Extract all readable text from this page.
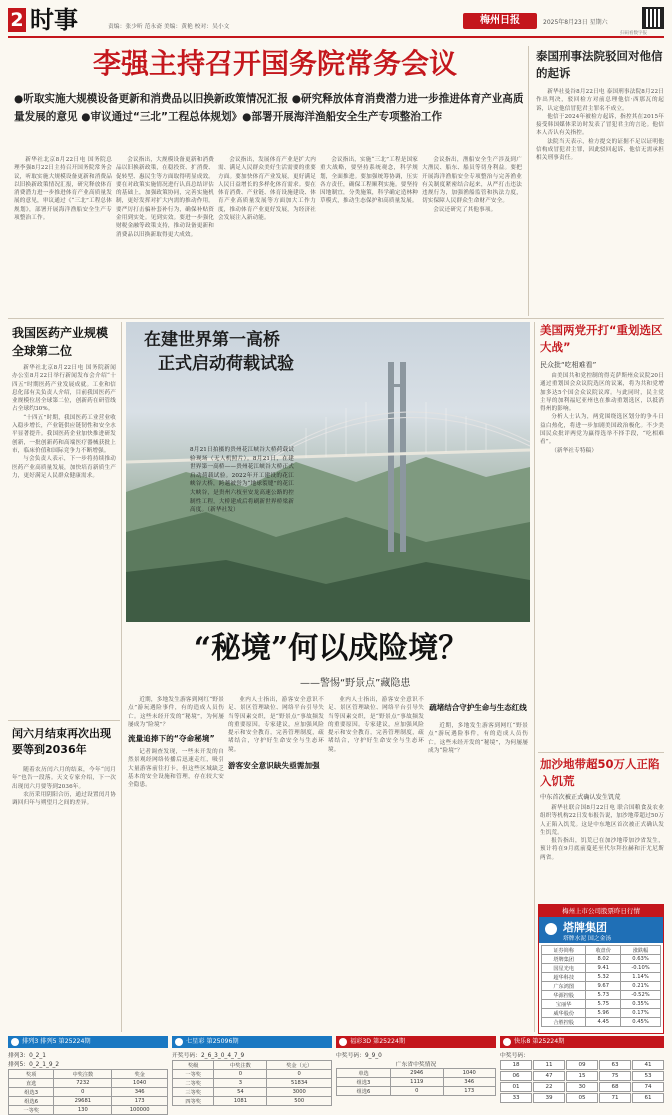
2 时事	责编：张少昕 范永斋 美编：黄艳 校对：吴小文
梅州日报	2025年8月23日 星期六
扫码看数字报
李强主持召开国务院常务会议
●听取实施大规模设备更新和消费品以旧换新政策情况汇报 ●研究释放体育消费潜力进一步推进体育产业高质量发展的意见 ●审议通过“三北”工程总体规划》●部署开展海洋渔船安全生产专项整治工作

新华社北京8月22日电 国务院总理李强8月22日主持召开国务院常务会议，听取实施大规模设备更新和消费品以旧换新政策情况汇报，研究释放体育消费潜力进一步推进体育产业高质量发展的意见，审议通过《“三北”工程总体规划》，部署开展海洋渔船安全生产专项整治工作。

会议指出，大规模设备更新和消费品以旧换新政策，在稳投资、扩消费、促转型、惠民生等方面取得明显成效。要在对政策实施情况进行认真总结评估的基础上，加强政策协同，完善实施机制，更好发挥对扩大内需的推动作用。要严厉打击骗补套补行为，确保补贴资金用到实处。见到实效。要进一步强化财税金融等政策支持，推动设备更新和消费品以旧换新取得更大成效。

会议指出，发展体育产业是扩大内需、满足人民群众美好生活需要的重要方面。要加快体育产业发展，更好满足人民日益增长的多样化体育需求。要在体育消费、产业链、体育设施建设、体育产业高质量发展等方面加大工作力度，推动体育产业更好发展，为经济社会发展注入新动能。

会议指出，实施“三北”工程是国家重大战略，要坚持系统观念，科学规划，全面推进。要加强统筹协调，压实各方责任，确保工程顺利实施。要坚持因地制宜，分类施策，科学确定造林种草模式，推动生态保护和高质量发展。

会议指出，渔船安全生产涉及到广大渔民、船东、船员等切身利益。要把开展海洋渔船安全专项整治与完善渔业有关制度紧密结合起来，从严打击违法违规行为，加强渔船监管和执法力度，切实保障人民群众生命财产安全。

会议还研究了其他事项。

泰国刑事法院驳回对他信的起诉

新华社曼谷8月22日电 泰国刑事法院8月22日作出判决，驳回检方对前总理他信·西那瓦的起诉，认定他信冒犯君主罪名不成立。

他信于2024年被检方起诉，指控其在2015年接受韩国媒体采访时发表了冒犯君主的言论。他信本人否认有关指控。

法院当天表示，检方提交的证据不足以证明他信构成冒犯君主罪，因此驳回起诉，他信无需承担相关刑事责任。

我国医药产业规模全球第二位

新华社北京8月22日电 国务院新闻办公室8月22日举行新闻发布会介绍“十四五”时期医药产业发展成就。工业和信息化部有关负责人介绍，目前我国医药产业规模位居全球第二位，创新药在研管线占全球约30%。

“十四五”时期，我国医药工业营业收入稳步增长，产业链供应链韧性和安全水平显著提升。我国医药企业加快推进研发创新，一批创新药和高端医疗器械获批上市，临床价值和国际竞争力不断增强。

与会负责人表示，下一步将持续推动医药产业高质量发展，加快培育新质生产力，更好满足人民群众健康需求。

在建世界第一高桥
正式启动荷载试验
8月21日拍摄的贵州花江峡谷大桥荷载试验现场（无人机照片）。8月21日，在建世界第一高桥——贵州花江峡谷大桥正式启动荷载试验。2022年开工建设的花江峡谷大桥，跨越被誉为“地球裂缝”的花江大峡谷，是贵州六枝至安龙高速公路的控制性工程，大桥建成后将刷新世界桥梁新高度。（新华社发）
“秘境”何以成险境？
——警惕“野景点”藏隐患

近期，多地发生游客到网红“野景点”游玩遇险事件，有的造成人员伤亡。这些未经开发的“秘境”，为何屡屡成为“险境”？

流量追捧下的“夺命秘境”

记者调查发现，一些未开发的自然景观经网络传播后迅速走红，吸引大量游客前往打卡，但这些区域缺乏基本的安全设施和管理，存在较大安全隐患。

业内人士指出，游客安全意识不足、景区管理缺位、网络平台引导失当等因素交织，是“野景点”事故频发的重要原因。专家建议，应加强风险提示和安全教育，完善管理制度，疏堵结合，守护好生命安全与生态环境。

游客安全意识缺失亟需加强
疏堵结合守护生命与生态红线
美国两党开打“重划选区大战”
民众批“吃相难看”

由美国共和党控制的得克萨斯州众议院20日通过重划国会众议院选区的议案，将为共和党增加多达5个国会众议院议席。与此同时，民主党主导的加利福尼亚州也在推动重划选区，以抵消得州的影响。

分析人士认为，两党围绕选区划分的争斗日益白热化，将进一步加剧美国政治极化。不少美国民众批评两党为赢得选举不择手段，“吃相难看”。

（新华社专特稿）

加沙地带超50万人正陷入饥荒
中东首次被正式确认发生饥荒

新华社联合国8月22日电 联合国粮食及农业组织等机构22日发布报告说，加沙地带超过50万人正陷入饥荒。这是中东地区首次被正式确认发生饥荒。

报告指出，饥荒已在加沙地带加沙省发生，预计将在9月底前蔓延至代尔拜拉赫和汗尤尼斯两省。

闰六月结束再次出现要等到2036年

随着农历闰六月的结束，今年“闰月年”也告一段落。天文专家介绍，下一次出现闰六月要等到2036年。

农历采用阴阳合历，通过设置闰月协调回归年与朔望月之间的差异。

梅州上市公司股票昨日行情
塔牌集团
塔牌水泥 国之金汤
证券简称	收盘价	涨跌幅
塔牌集团	8.02	0.63%
国星光电	9.41	-0.10%
超华科技	5.32	1.14%
广东鸿图	9.67	0.21%
华源控股	5.73	-0.52%
宝丽华	5.75	0.35%
威华股份	5.96	0.17%
合胜控股	4.45	0.45%
排列3 排列5 第25224期	七星彩 第25096期	福彩3D 第25224期	快乐8 第25224期
排列3：0_2_1
排列5：0_2_1_9_2
奖项	中奖注数	奖金
直选	7232	1040
组选3	0	346
组选6	29681	173
一等奖	130	100000
开奖号码：2_6_3_0_4_7_9
奖级	中奖注数	奖金（元）
一等奖	0	0
二等奖	3	51834
三等奖	54	3000
四等奖	1081	500
中奖号码：9_9_0
广东省中奖情况
单选	2946	1040
组选3	1119	346
组选6	0	173
中奖号码：
18	11	09	63	41
06	47	15	75	53
01	22	30	68	74
33	39	05	71	61

业内人士指出，游客安全意识不足、景区管理缺位、网络平台引导失当等因素交织，是“野景点”事故频发的重要原因。专家建议，应加强风险提示和安全教育，完善管理制度，疏堵结合，守护好生命安全与生态环境。

近期，多地发生游客到网红“野景点”游玩遇险事件，有的造成人员伤亡。这些未经开发的“秘境”，为何屡屡成为“险境”？
